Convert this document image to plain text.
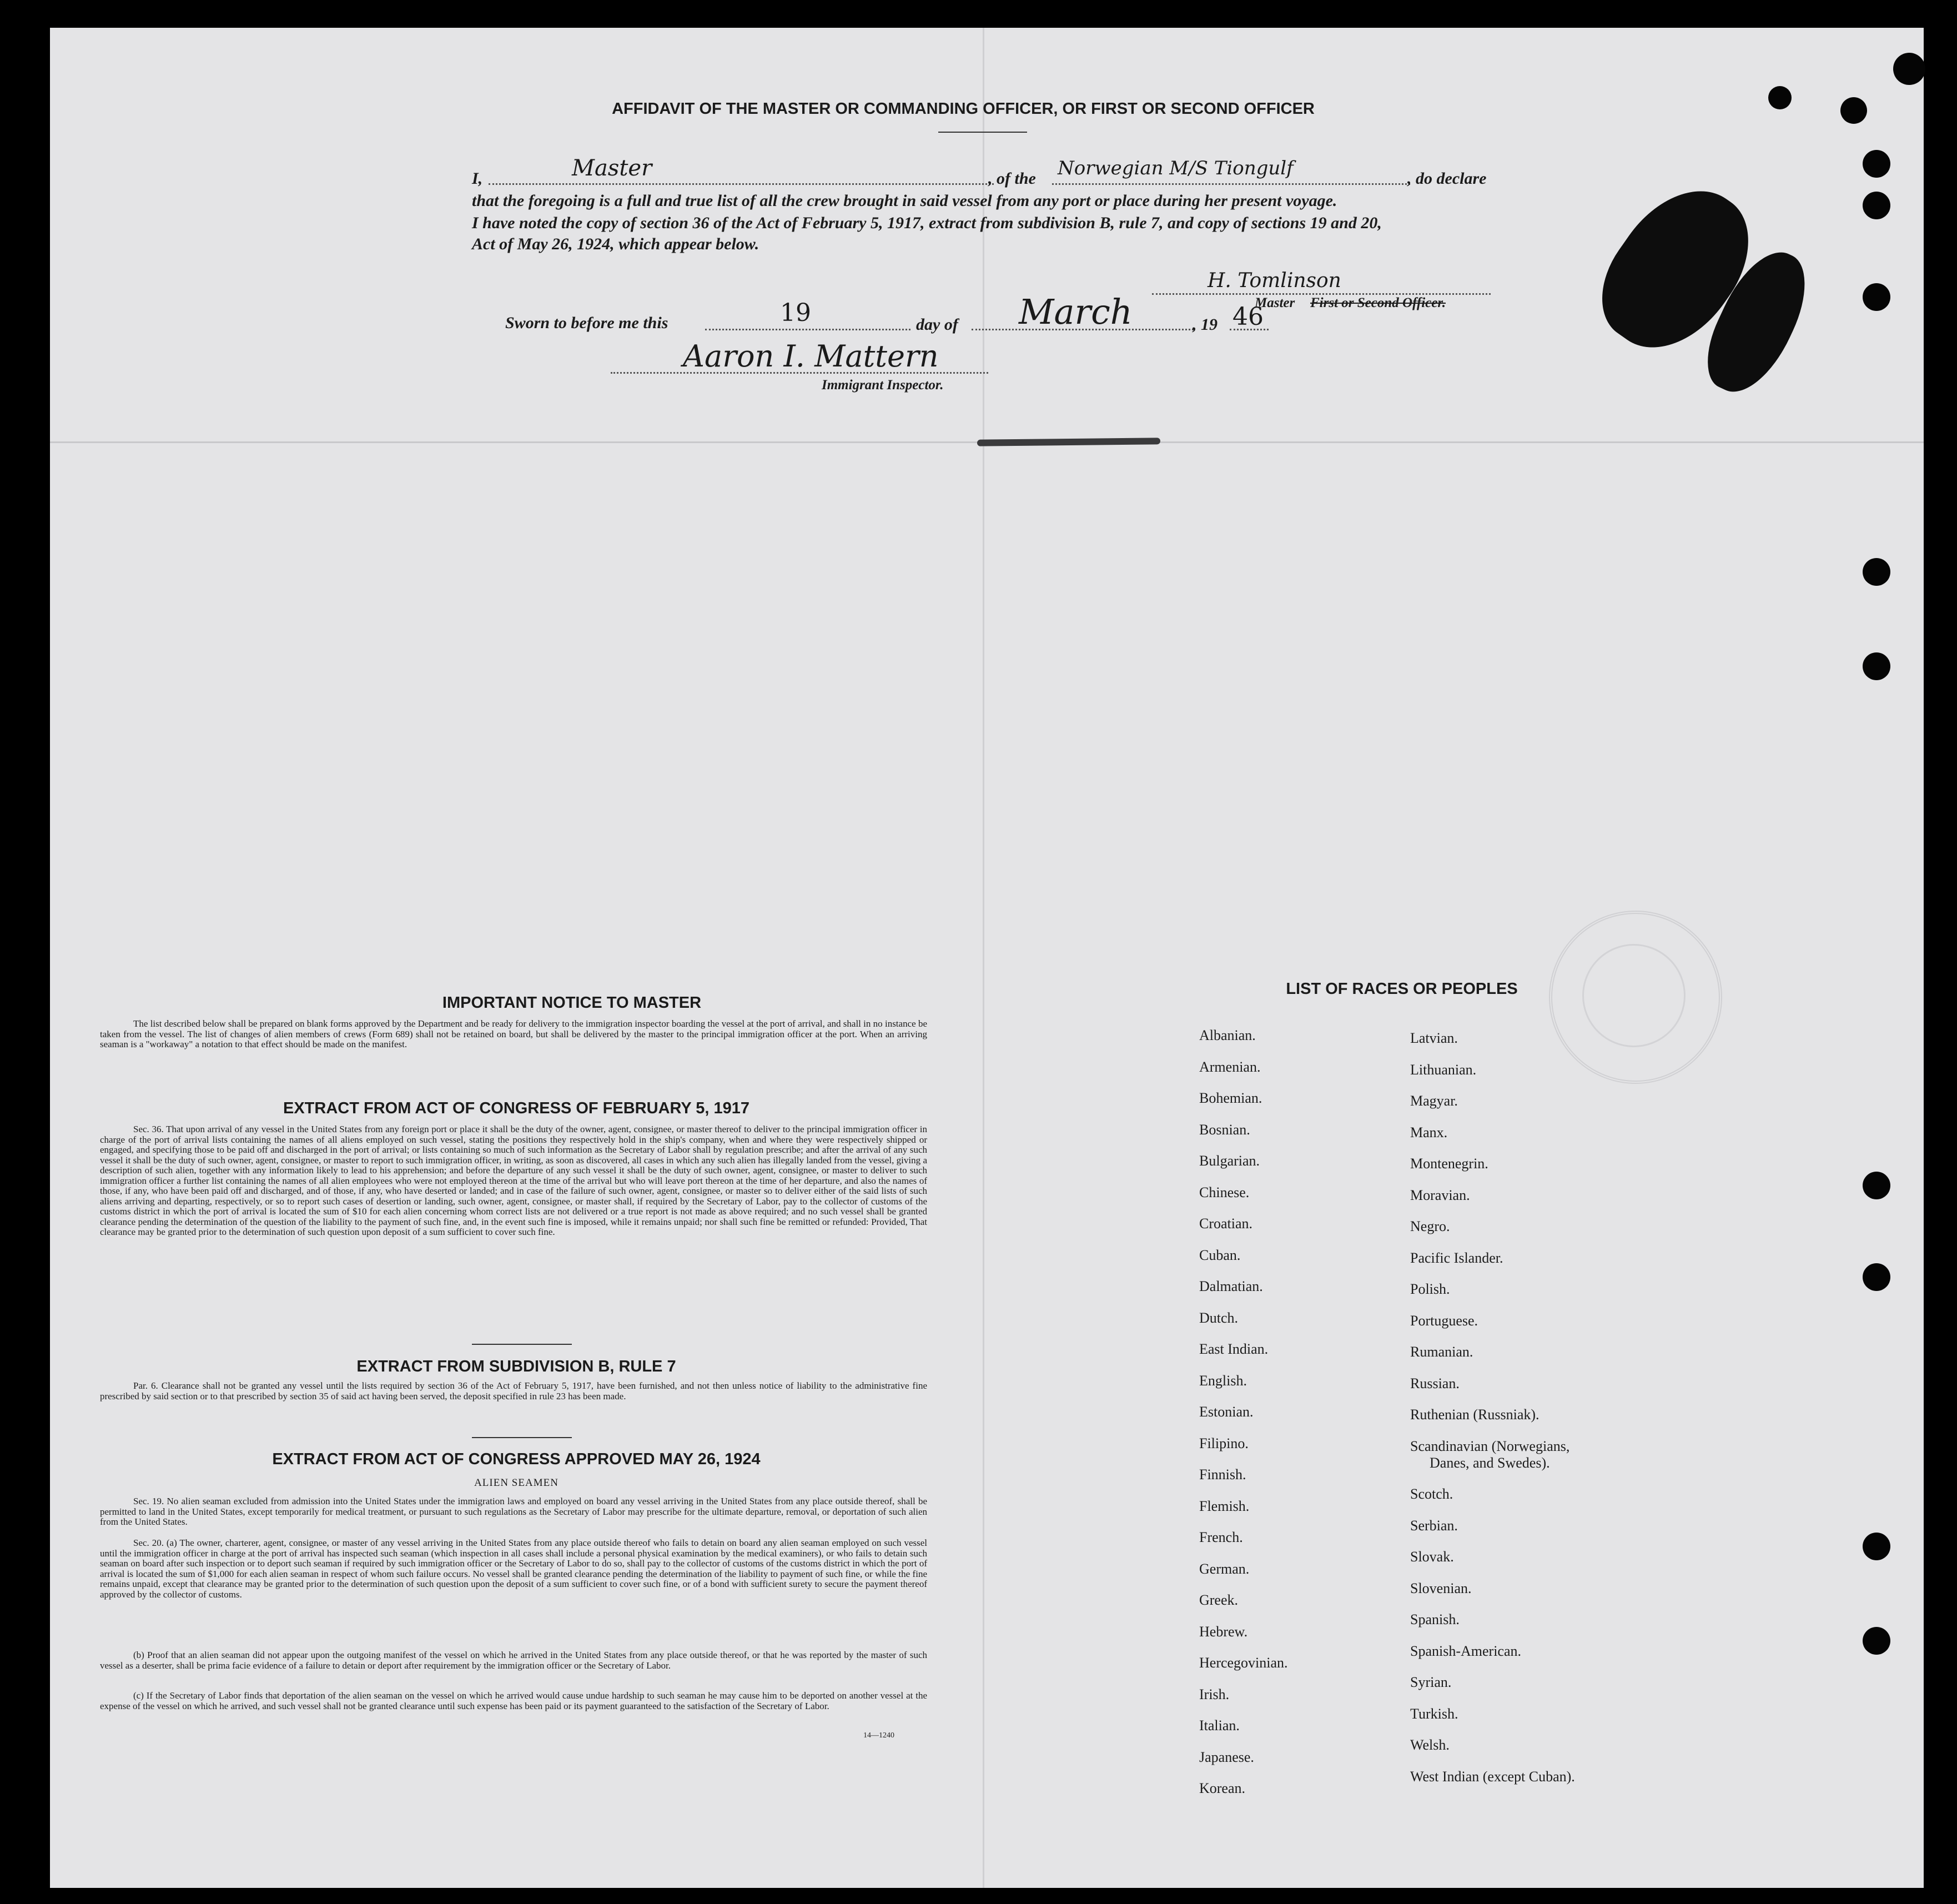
AFFIDAVIT OF THE MASTER OR COMMANDING OFFICER, OR FIRST OR SECOND OFFICER
I,	Master	, of the Norwegian M/S Tiongulf	, do declare
that the foregoing is a full and true list of all the crew brought in said vessel from any port or place during her present voyage.
I have noted the copy of section 36 of the Act of February 5, 1917, extract from subdivision B, rule 7, and copy of sections 19 and 20,
Act of May 26, 1924, which appear below.
H. Tomlinson
Master First or Second Officer.
Sworn to before me this	19	day of March	, 19 46
Aaron I. Mattern
Immigrant Inspector.
IMPORTANT NOTICE TO MASTER
The list described below shall be prepared on blank forms approved by the Department and be ready for delivery to the immigration inspector boarding the vessel at the port of arrival, and shall in no instance be taken from the vessel. The list of changes of alien members of crews (Form 689) shall not be retained on board, but shall be delivered by the master to the principal immigration officer at the port. When an arriving seaman is a "workaway" a notation to that effect should be made on the manifest.
EXTRACT FROM ACT OF CONGRESS OF FEBRUARY 5, 1917
Sec. 36. That upon arrival of any vessel in the United States from any foreign port or place it shall be the duty of the owner, agent, consignee, or master thereof to deliver to the principal immigration officer in charge of the port of arrival lists containing the names of all aliens employed on such vessel, stating the positions they respectively hold in the ship's company, when and where they were respectively shipped or engaged, and specifying those to be paid off and discharged in the port of arrival; or lists containing so much of such information as the Secretary of Labor shall by regulation prescribe; and after the arrival of any such vessel it shall be the duty of such owner, agent, consignee, or master to report to such immigration officer, in writing, as soon as discovered, all cases in which any such alien has illegally landed from the vessel, giving a description of such alien, together with any information likely to lead to his apprehension; and before the departure of any such vessel it shall be the duty of such owner, agent, consignee, or master to deliver to such immigration officer a further list containing the names of all alien employees who were not employed thereon at the time of the arrival but who will leave port thereon at the time of her departure, and also the names of those, if any, who have been paid off and discharged, and of those, if any, who have deserted or landed; and in case of the failure of such owner, agent, consignee, or master so to deliver either of the said lists of such aliens arriving and departing, respectively, or so to report such cases of desertion or landing, such owner, agent, consignee, or master shall, if required by the Secretary of Labor, pay to the collector of customs of the customs district in which the port of arrival is located the sum of $10 for each alien concerning whom correct lists are not delivered or a true report is not made as above required; and no such vessel shall be granted clearance pending the determination of the question of the liability to the payment of such fine, and, in the event such fine is imposed, while it remains unpaid; nor shall such fine be remitted or refunded: Provided, That clearance may be granted prior to the determination of such question upon deposit of a sum sufficient to cover such fine.
EXTRACT FROM SUBDIVISION B, RULE 7
Par. 6. Clearance shall not be granted any vessel until the lists required by section 36 of the Act of February 5, 1917, have been furnished, and not then unless notice of liability to the administrative fine prescribed by said section or to that prescribed by section 35 of said act having been served, the deposit specified in rule 23 has been made.
EXTRACT FROM ACT OF CONGRESS APPROVED MAY 26, 1924
ALIEN SEAMEN
Sec. 19. No alien seaman excluded from admission into the United States under the immigration laws and employed on board any vessel arriving in the United States from any place outside thereof, shall be permitted to land in the United States, except temporarily for medical treatment, or pursuant to such regulations as the Secretary of Labor may prescribe for the ultimate departure, removal, or deportation of such alien from the United States.
Sec. 20. (a) The owner, charterer, agent, consignee, or master of any vessel arriving in the United States from any place outside thereof who fails to detain on board any alien seaman employed on such vessel until the immigration officer in charge at the port of arrival has inspected such seaman (which inspection in all cases shall include a personal physical examination by the medical examiners), or who fails to detain such seaman on board after such inspection or to deport such seaman if required by such immigration officer or the Secretary of Labor to do so, shall pay to the collector of customs of the customs district in which the port of arrival is located the sum of $1,000 for each alien seaman in respect of whom such failure occurs. No vessel shall be granted clearance pending the determination of the liability to payment of such fine, or while the fine remains unpaid, except that clearance may be granted prior to the determination of such question upon the deposit of a sum sufficient to cover such fine, or of a bond with sufficient surety to secure the payment thereof approved by the collector of customs.
(b) Proof that an alien seaman did not appear upon the outgoing manifest of the vessel on which he arrived in the United States from any place outside thereof, or that he was reported by the master of such vessel as a deserter, shall be prima facie evidence of a failure to detain or deport after requirement by the immigration officer or the Secretary of Labor.
(c) If the Secretary of Labor finds that deportation of the alien seaman on the vessel on which he arrived would cause undue hardship to such seaman he may cause him to be deported on another vessel at the expense of the vessel on which he arrived, and such vessel shall not be granted clearance until such expense has been paid or its payment guaranteed to the satisfaction of the Secretary of Labor.
14—1240
LIST OF RACES OR PEOPLES
Albanian.
Armenian.
Bohemian.
Bosnian.
Bulgarian.
Chinese.
Croatian.
Cuban.
Dalmatian.
Dutch.
East Indian.
English.
Estonian.
Filipino.
Finnish.
Flemish.
French.
German.
Greek.
Hebrew.
Hercegovinian.
Irish.
Italian.
Japanese.
Korean.
Latvian.
Lithuanian.
Magyar.
Manx.
Montenegrin.
Moravian.
Negro.
Pacific Islander.
Polish.
Portuguese.
Rumanian.
Russian.
Ruthenian (Russniak).
Scandinavian (Norwegians,
Danes, and Swedes).
Scotch.
Serbian.
Slovak.
Slovenian.
Spanish.
Spanish-American.
Syrian.
Turkish.
Welsh.
West Indian (except Cuban).
